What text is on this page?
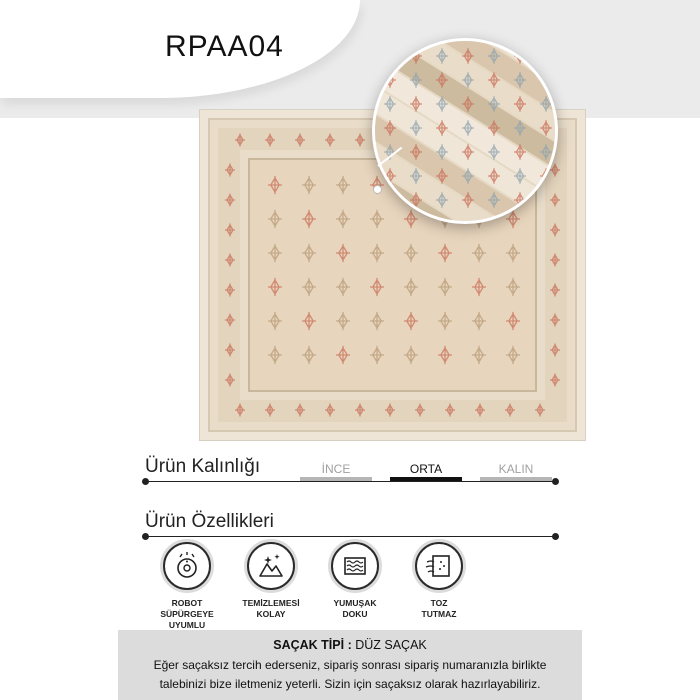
RPAA04
Ürün Kalınlığı	İNCE	ORTA	KALIN
Ürün Özellikleri
ROBOT
SÜPÜRGEYE
UYUMLU
TEMİZLEMESİ
KOLAY
YUMUŞAK
DOKU
TOZ
TUTMAZ
SAÇAK TİPİ : DÜZ SAÇAK
Eğer saçaksız tercih ederseniz, sipariş sonrası sipariş numaranızla birlikte
talebinizi bize iletmeniz yeterli. Sizin için saçaksız olarak hazırlayabiliriz.
